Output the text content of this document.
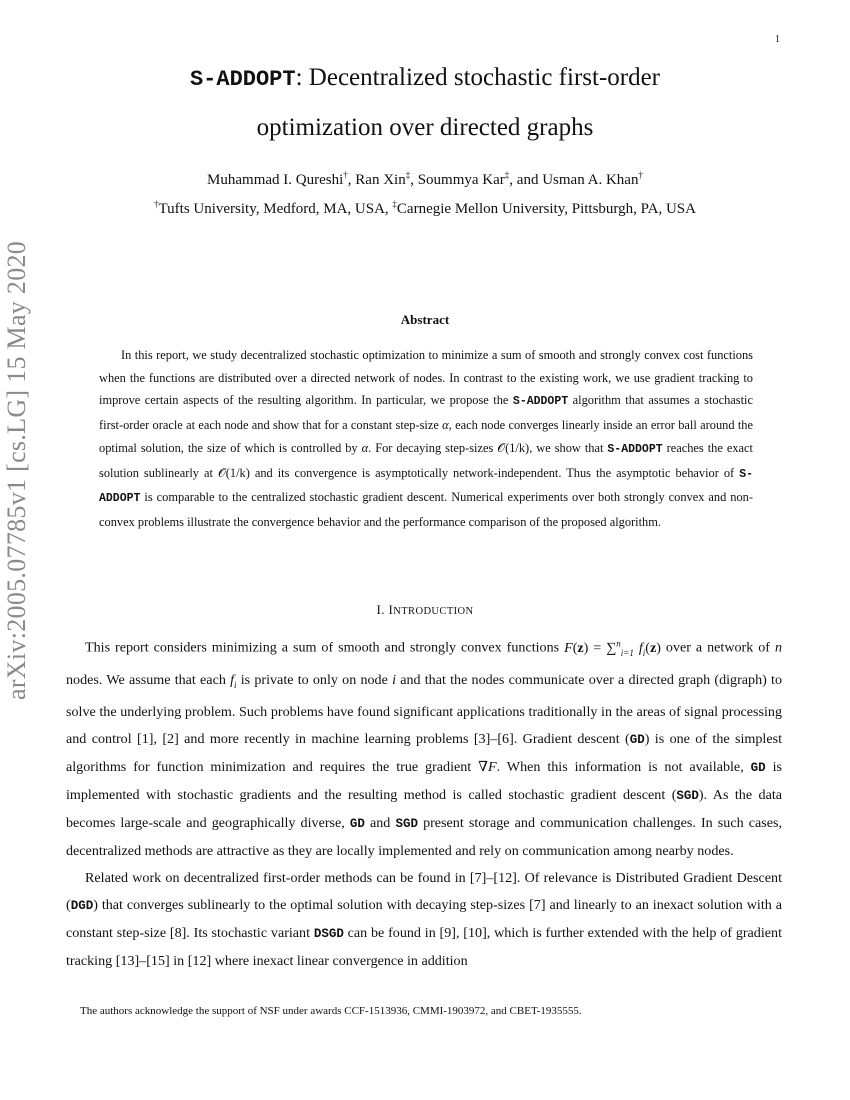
1
arXiv:2005.07785v1 [cs.LG] 15 May 2020
S-ADDOPT: Decentralized stochastic first-order
optimization over directed graphs
Muhammad I. Qureshi†, Ran Xin‡, Soummya Kar‡, and Usman A. Khan†
†Tufts University, Medford, MA, USA, ‡Carnegie Mellon University, Pittsburgh, PA, USA
Abstract

In this report, we study decentralized stochastic optimization to minimize a sum of smooth and strongly convex cost functions when the functions are distributed over a directed network of nodes. In contrast to the existing work, we use gradient tracking to improve certain aspects of the resulting algorithm. In particular, we propose the S-ADDOPT algorithm that assumes a stochastic first-order oracle at each node and show that for a constant step-size α, each node converges linearly inside an error ball around the optimal solution, the size of which is controlled by α. For decaying step-sizes 𝒪(1/k), we show that S-ADDOPT reaches the exact solution sublinearly at 𝒪(1/k) and its convergence is asymptotically network-independent. Thus the asymptotic behavior of S-ADDOPT is comparable to the centralized stochastic gradient descent. Numerical experiments over both strongly convex and non-convex problems illustrate the convergence behavior and the performance comparison of the proposed algorithm.

I. INTRODUCTION

This report considers minimizing a sum of smooth and strongly convex functions F(z) = ∑$^n_{i=1}$ $f_i(z)$ over a network of n nodes. We assume that each $f_i$ is private to only on node i and that the nodes communicate over a directed graph (digraph) to solve the underlying problem. Such problems have found significant applications traditionally in the areas of signal processing and control [1], [2] and more recently in machine learning problems [3]–[6]. Gradient descent (GD) is one of the simplest algorithms for function minimization and requires the true gradient ∇F. When this information is not available, GD is implemented with stochastic gradients and the resulting method is called stochastic gradient descent (SGD). As the data becomes large-scale and geographically diverse, GD and SGD present storage and communication challenges. In such cases, decentralized methods are attractive as they are locally implemented and rely on communication among nearby nodes.

Related work on decentralized first-order methods can be found in [7]–[12]. Of relevance is Distributed Gradient Descent (DGD) that converges sublinearly to the optimal solution with decaying step-sizes [7] and linearly to an inexact solution with a constant step-size [8]. Its stochastic variant DSGD can be found in [9], [10], which is further extended with the help of gradient tracking [13]–[15] in [12] where inexact linear convergence in addition

The authors acknowledge the support of NSF under awards CCF-1513936, CMMI-1903972, and CBET-1935555.
